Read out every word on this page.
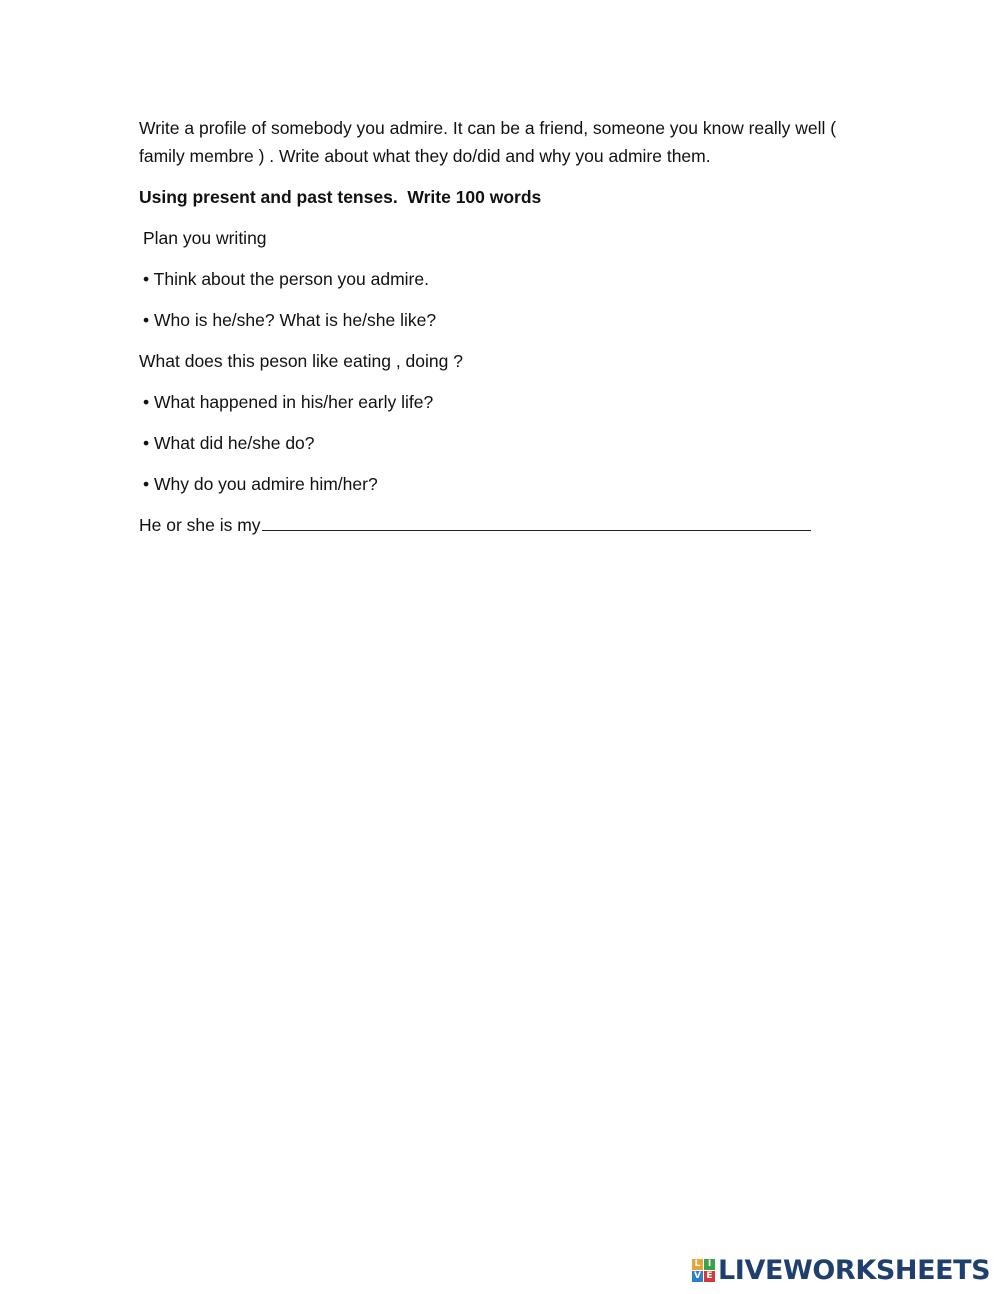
Write a profile of somebody you admire. It can be a friend, someone you know really well ( family membre ) . Write about what they do/did and why you admire them.

Using present and past tenses.  Write 100 words

Plan you writing

• Think about the person you admire.

• Who is he/she? What is he/she like?

What does this peson like eating , doing ?

• What happened in his/her early life?

• What did he/she do?

• Why do you admire him/her?

He or she is my

L I
V E LIVEWORKSHEETS
